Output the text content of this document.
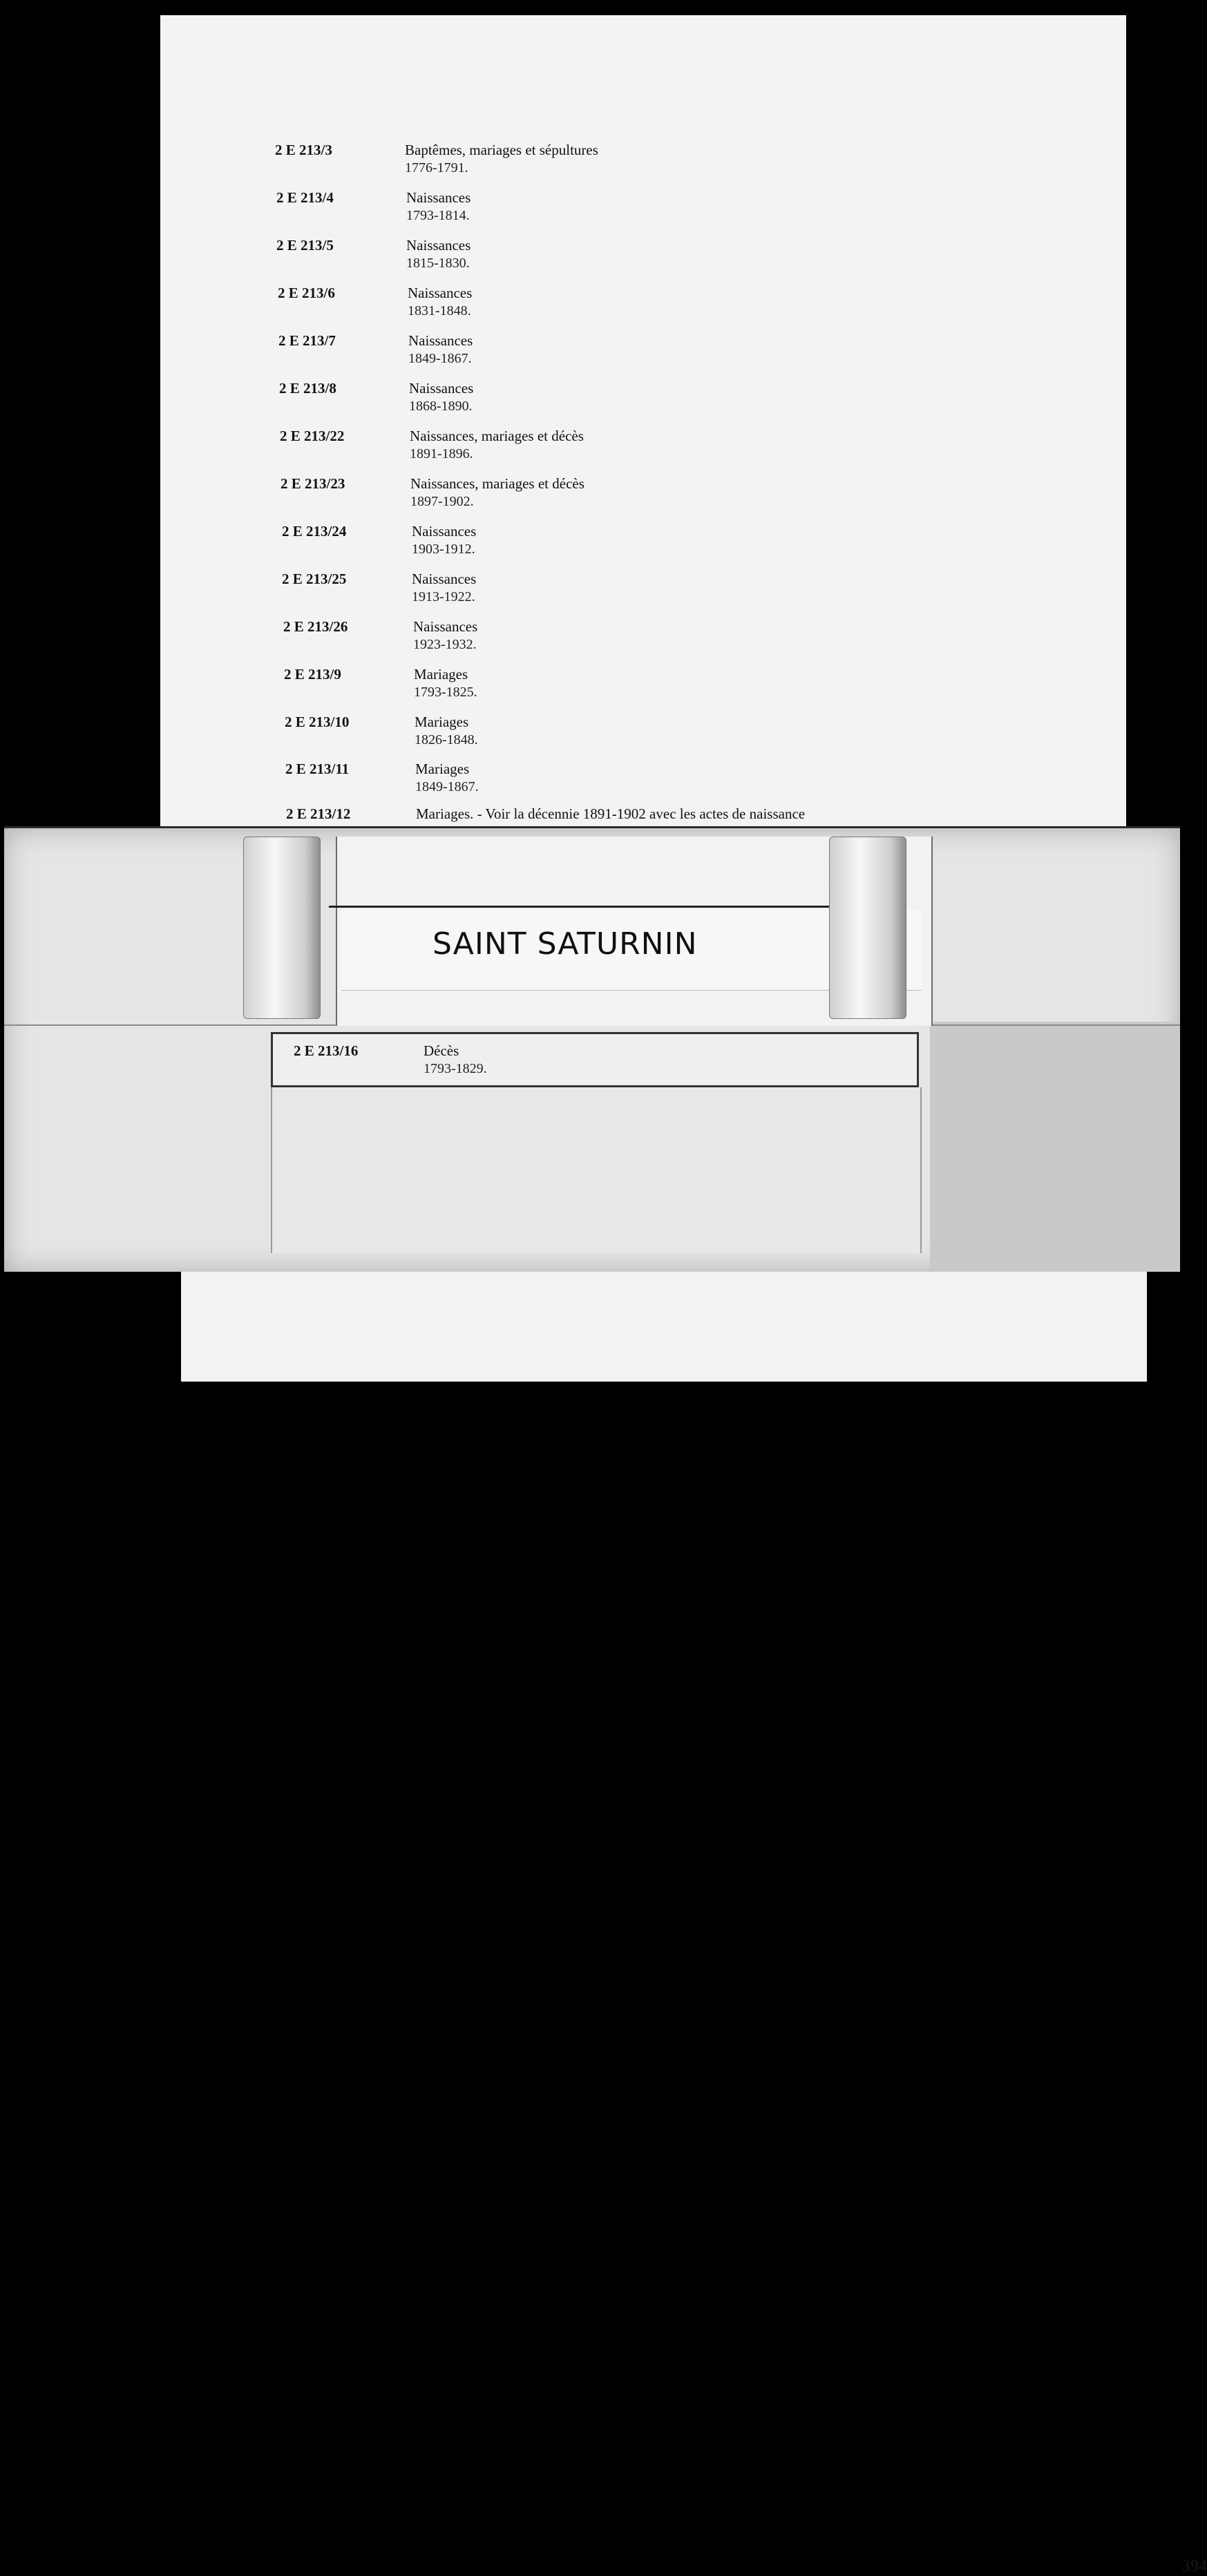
394
2 E 213/3	Baptêmes, mariages et sépultures
1776-1791.
2 E 213/4	Naissances
1793-1814.
2 E 213/5	Naissances
1815-1830.
2 E 213/6	Naissances
1831-1848.
2 E 213/7	Naissances
1849-1867.
2 E 213/8	Naissances
1868-1890.
2 E 213/22	Naissances, mariages et décès
1891-1896.
2 E 213/23	Naissances, mariages et décès
1897-1902.
2 E 213/24	Naissances
1903-1912.
2 E 213/25	Naissances
1913-1922.
2 E 213/26	Naissances
1923-1932.
2 E 213/9	Mariages
1793-1825.
2 E 213/10	Mariages
1826-1848.
2 E 213/11	Mariages
1849-1867.
2 E 213/12	Mariages. - Voir la décennie 1891-1902 avec les actes de naissance
SAINT SATURNIN
2 E 213/16	Décès
1793-1829.
